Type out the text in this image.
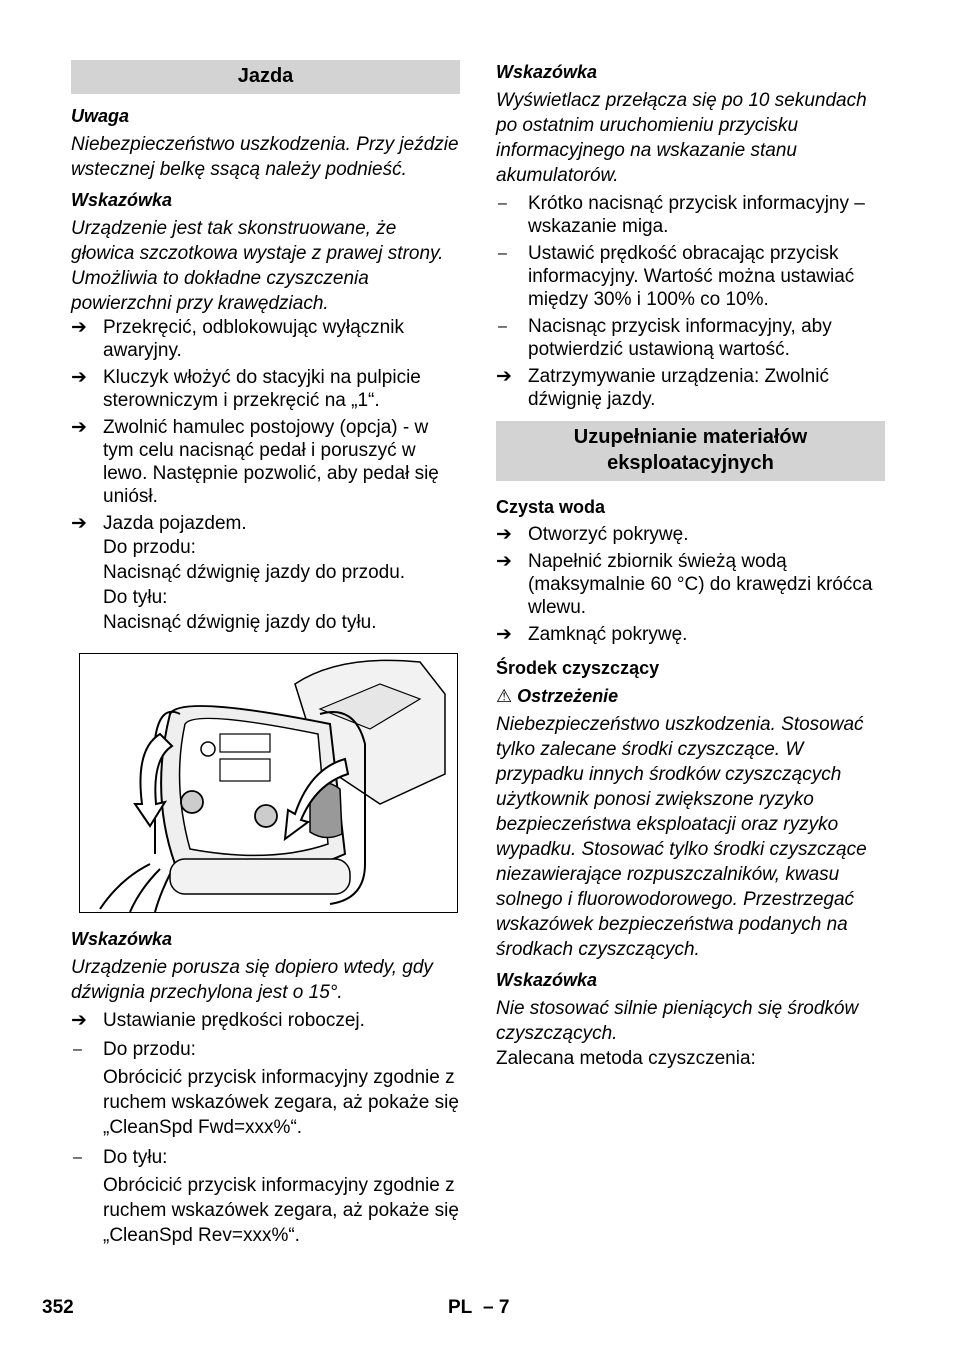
Jazda
Uwaga
Niebezpieczeństwo uszkodzenia. Przy jeździe wstecznej belkę ssącą należy podnieść.
Wskazówka
Urządzenie jest tak skonstruowane, że głowica szczotkowa wystaje z prawej strony. Umożliwia to dokładne czyszczenia powierzchni przy krawędziach.
➔ Przekręcić, odblokowując wyłącznik awaryjny.
➔ Kluczyk włożyć do stacyjki na pulpicie sterowniczym i przekręcić na „1“.
➔ Zwolnić hamulec postojowy (opcja) - w tym celu nacisnąć pedał i poruszyć w lewo. Następnie pozwolić, aby pedał się uniósł.
➔ Jazda pojazdem.
Do przodu:
Nacisnąć dźwignię jazdy do przodu.
Do tyłu:
Nacisnąć dźwignię jazdy do tyłu.
Wskazówka
Urządzenie porusza się dopiero wtedy, gdy dźwignia przechylona jest o 15°.
➔ Ustawianie prędkości roboczej.
–	Do przodu:
Obrócicić przycisk informacyjny zgodnie z ruchem wskazówek zegara, aż pokaże się „CleanSpd Fwd=xxx%“.
–	Do tyłu:
Obrócicić przycisk informacyjny zgodnie z ruchem wskazówek zegara, aż pokaże się „CleanSpd Rev=xxx%“.
Wskazówka
Wyświetlacz przełącza się po 10 sekundach po ostatnim uruchomieniu przycisku informacyjnego na wskazanie stanu akumulatorów.
–	Krótko nacisnąć przycisk informacyjny – wskazanie miga.
–	Ustawić prędkość obracając przycisk informacyjny. Wartość można ustawiać między 30% i 100% co 10%.
–	Nacisnąc przycisk informacyjny, aby potwierdzić ustawioną wartość.
➔ Zatrzymywanie urządzenia: Zwolnić dźwignię jazdy.
Uzupełnianie materiałów eksploatacyjnych
Czysta woda
➔ Otworzyć pokrywę.
➔ Napełnić zbiornik świeżą wodą (maksymalnie 60 °C) do krawędzi króćca wlewu.
➔ Zamknąć pokrywę.
Środek czyszczący
⚠ Ostrzeżenie
Niebezpieczeństwo uszkodzenia. Stosować tylko zalecane środki czyszczące. W przypadku innych środków czyszczących użytkownik ponosi zwiększone ryzyko bezpieczeństwa eksploatacji oraz ryzyko wypadku. Stosować tylko środki czyszczące niezawierające rozpuszczalników, kwasu solnego i fluorowodorowego. Przestrzegać wskazówek bezpieczeństwa podanych na środkach czyszczących.
Wskazówka
Nie stosować silnie pieniących się środków czyszczących.
Zalecana metoda czyszczenia:
352	PL – 7
